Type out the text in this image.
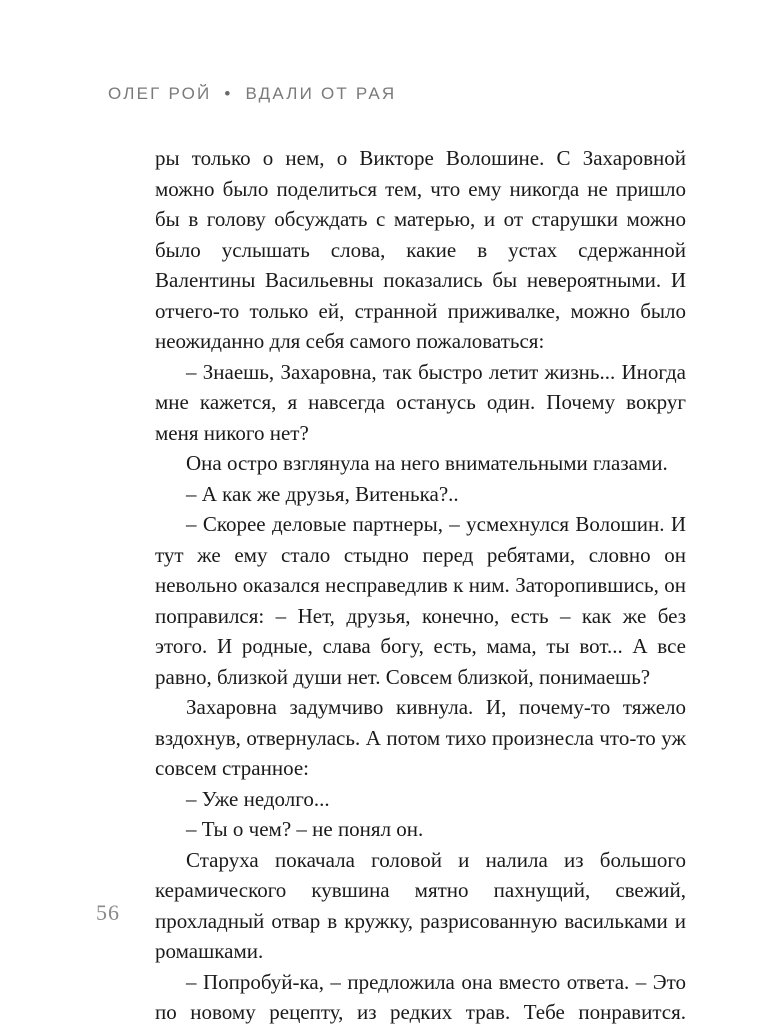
ОЛЕГ РОЙ • ВДАЛИ ОТ РАЯ

ры только о нем, о Викторе Волошине. С Захаровной можно было поделиться тем, что ему никогда не пришло бы в голову обсуждать с матерью, и от старушки можно было услышать слова, какие в устах сдержанной Валентины Васильевны показались бы невероятными. И отчего-то только ей, странной приживалке, можно было неожиданно для себя самого пожаловаться:

– Знаешь, Захаровна, так быстро летит жизнь... Иногда мне кажется, я навсегда останусь один. Почему вокруг меня никого нет?

Она остро взглянула на него внимательными глазами.

– А как же друзья, Витенька?..

– Скорее деловые партнеры, – усмехнулся Волошин. И тут же ему стало стыдно перед ребятами, словно он невольно оказался несправедлив к ним. Заторопившись, он поправился: – Нет, друзья, конечно, есть – как же без этого. И родные, слава богу, есть, мама, ты вот... А все равно, близкой души нет. Совсем близкой, понимаешь?

Захаровна задумчиво кивнула. И, почему-то тяжело вздохнув, отвернулась. А потом тихо произнесла что-то уж совсем странное:

– Уже недолго...

– Ты о чем? – не понял он.

Старуха покачала головой и налила из большого керамического кувшина мятно пахнущий, свежий, прохладный отвар в кружку, разрисованную васильками и ромашками.

– Попробуй-ка, – предложила она вместо ответа. – Это по новому рецепту, из редких трав. Тебе понравится.

56
